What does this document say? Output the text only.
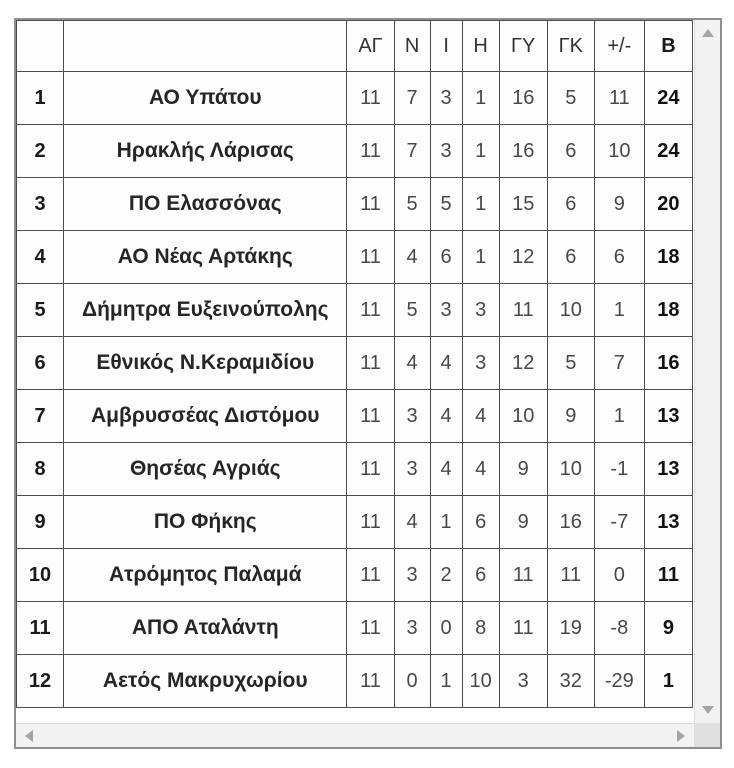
		ΑΓ	Ν	Ι	Η	ΓΥ	ΓΚ	+/-	Β
1	ΑΟ Υπάτου	11	7	3	1	16	5	11	24
2	Ηρακλής Λάρισας	11	7	3	1	16	6	10	24
3	ΠΟ Ελασσόνας	11	5	5	1	15	6	9	20
4	ΑΟ Νέας Αρτάκης	11	4	6	1	12	6	6	18
5	Δήμητρα Ευξεινούπολης	11	5	3	3	11	10	1	18
6	Εθνικός Ν.Κεραμιδίου	11	4	4	3	12	5	7	16
7	Αμβρυσσέας Διστόμου	11	3	4	4	10	9	1	13
8	Θησέας Αγριάς	11	3	4	4	9	10	-1	13
9	ΠΟ Φήκης	11	4	1	6	9	16	-7	13
10	Ατρόμητος Παλαμά	11	3	2	6	11	11	0	11
11	ΑΠΟ Αταλάντη	11	3	0	8	11	19	-8	9
12	Αετός Μακρυχωρίου	11	0	1	10	3	32	-29	1
